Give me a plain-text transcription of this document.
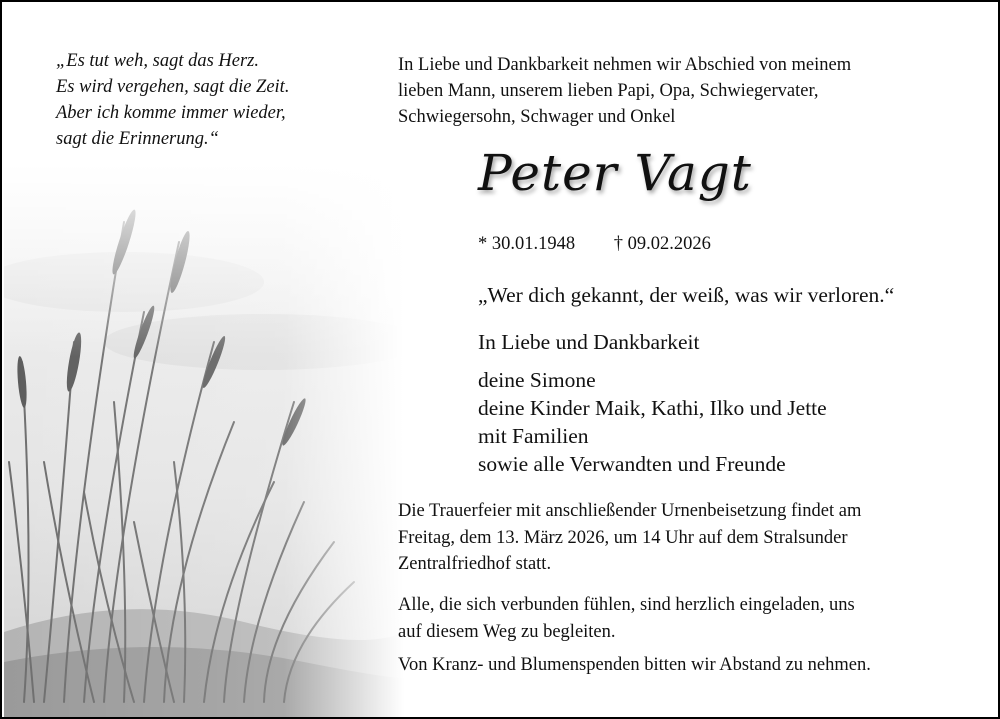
„Es tut weh, sagt das Herz.
Es wird vergehen, sagt die Zeit.
Aber ich komme immer wieder,
sagt die Erinnerung.“
In Liebe und Dankbarkeit nehmen wir Abschied von meinem
lieben Mann, unserem lieben Papi, Opa, Schwiegervater,
Schwiegersohn, Schwager und Onkel
Peter Vagt
* 30.01.1948 † 09.02.2026
„Wer dich gekannt, der weiß, was wir verloren.“
In Liebe und Dankbarkeit
deine Simone
deine Kinder Maik, Kathi, Ilko und Jette
mit Familien
sowie alle Verwandten und Freunde
Die Trauerfeier mit anschließender Urnenbeisetzung findet am
Freitag, dem 13. März 2026, um 14 Uhr auf dem Stralsunder
Zentralfriedhof statt.
Alle, die sich verbunden fühlen, sind herzlich eingeladen, uns
auf diesem Weg zu begleiten.
Von Kranz- und Blumenspenden bitten wir Abstand zu nehmen.
